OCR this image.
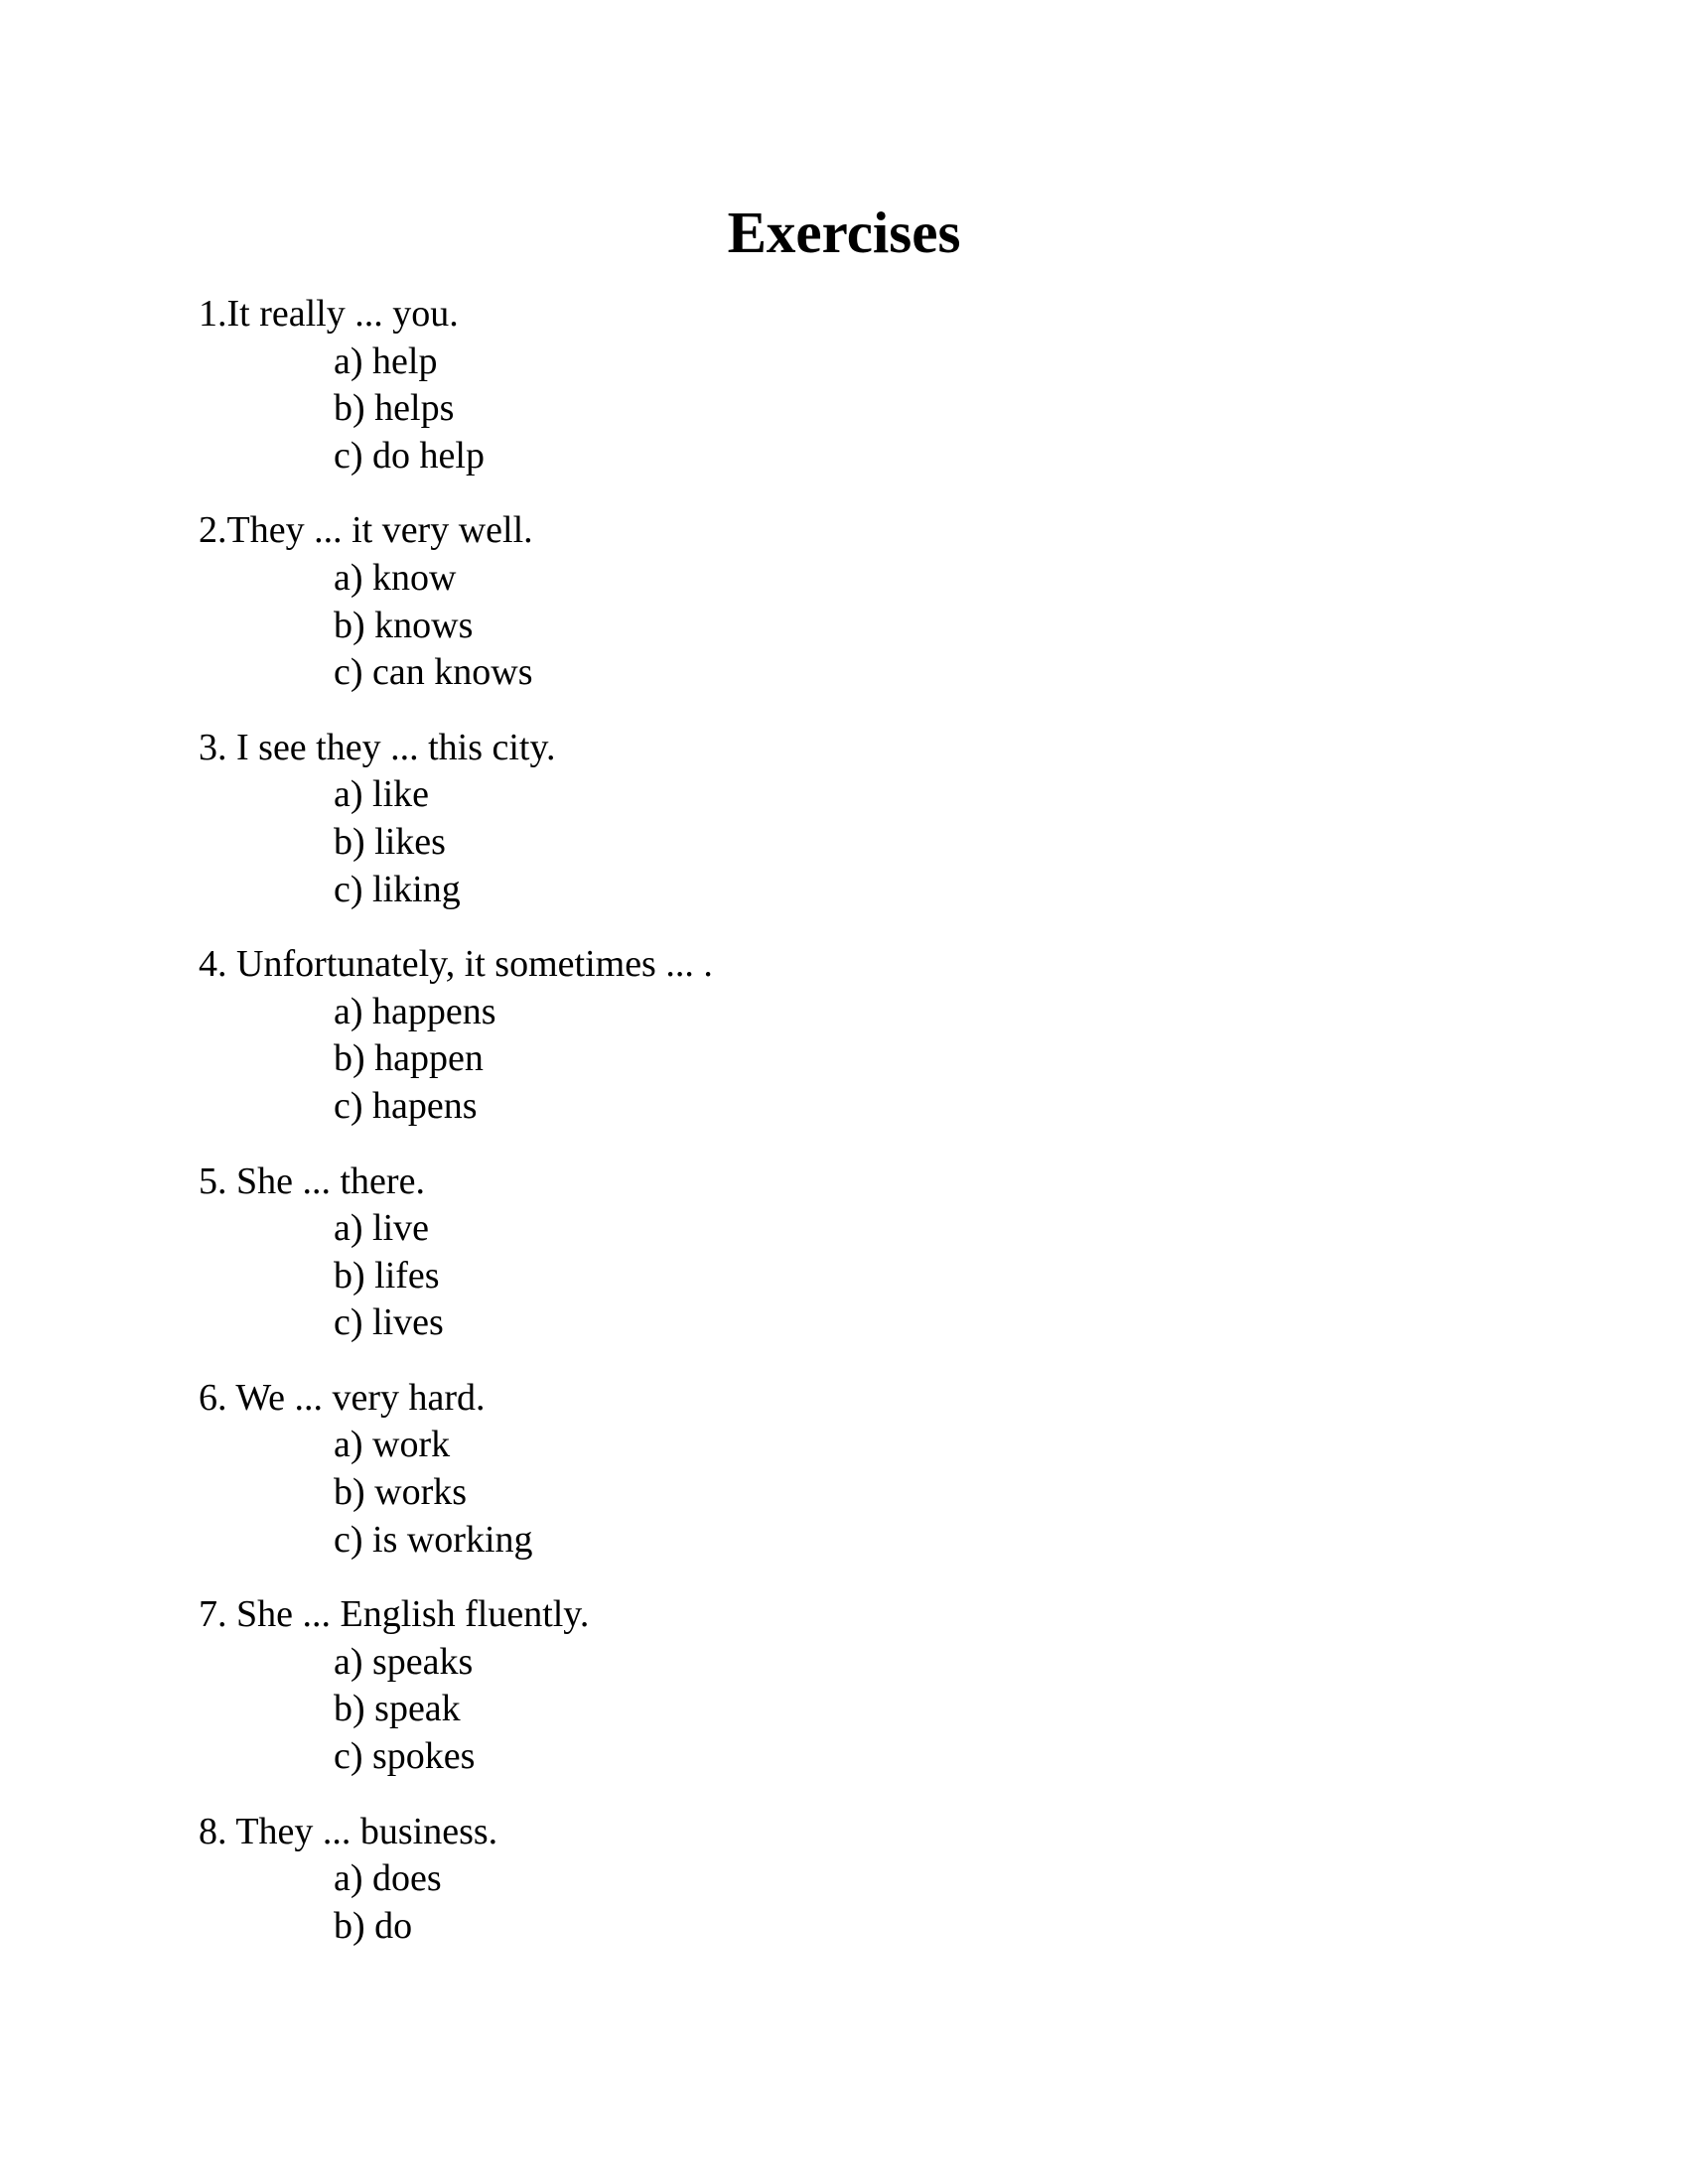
Exercises
1.It really ... you.
a) help
b) helps
c) do help
2.They ... it very well.
a) know
b) knows
c) can knows
3. I see they ... this city.
a) like
b) likes
c) liking
4. Unfortunately, it sometimes ... .
a) happens
b) happen
c) hapens
5. She ... there.
a) live
b) lifes
c) lives
6. We ... very hard.
a) work
b) works
c) is working
7. She ... English fluently.
a) speaks
b) speak
c) spokes
8. They ... business.
a) does
b) do
